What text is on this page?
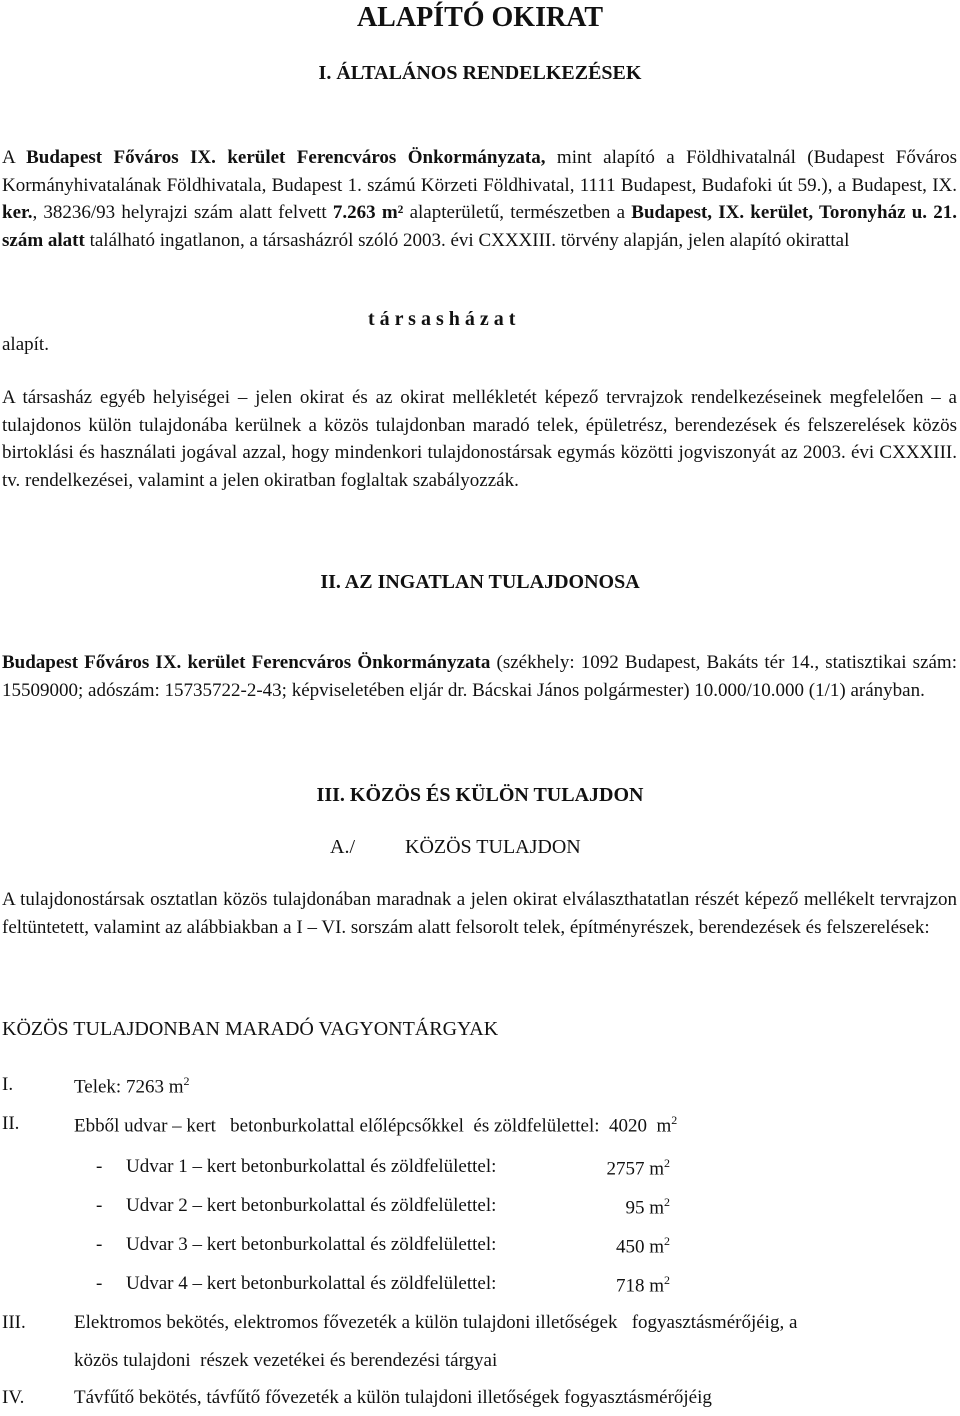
ALAPÍTÓ OKIRAT
I. ÁLTALÁNOS RENDELKEZÉSEK
A Budapest Főváros IX. kerület Ferencváros Önkormányzata, mint alapító a Földhivatalnál (Budapest Főváros Kormányhivatalának Földhivatala, Budapest 1. számú Körzeti Földhivatal, 1111 Budapest, Budafoki út 59.), a Budapest, IX. ker., 38236/93 helyrajzi szám alatt felvett 7.263 m² alapterületű, természetben a Budapest, IX. kerület, Toronyház u. 21. szám alatt található ingatlanon, a társasházról szóló 2003. évi CXXXIII. törvény alapján, jelen alapító okirattal
alapít.
t á r s a s h á z a t
A társasház egyéb helyiségei – jelen okirat és az okirat mellékletét képező tervrajzok rendelkezéseinek megfelelően – a tulajdonos külön tulajdonába kerülnek a közös tulajdonban maradó telek, épületrész, berendezések és felszerelések közös birtoklási és használati jogával azzal, hogy mindenkori tulajdonostársak egymás közötti jogviszonyát az 2003. évi CXXXIII. tv. rendelkezései, valamint a jelen okiratban foglaltak szabályozzák.
II. AZ INGATLAN TULAJDONOSA
Budapest Főváros IX. kerület Ferencváros Önkormányzata (székhely: 1092 Budapest, Bakáts tér 14., statisztikai szám: 15509000; adószám: 15735722-2-43; képviseletében eljár dr. Bácskai János polgármester) 10.000/10.000 (1/1) arányban.
III. KÖZÖS ÉS KÜLÖN TULAJDON
A./	KÖZÖS TULAJDON
A tulajdonostársak osztatlan közös tulajdonában maradnak a jelen okirat elválaszthatatlan részét képező mellékelt tervrajzon feltüntetett, valamint az alábbiakban a I – VI. sorszám alatt felsorolt telek, építményrészek, berendezések és felszerelések:
KÖZÖS TULAJDONBAN MARADÓ VAGYONTÁRGYAK
I.	Telek: 7263 $m^2$
II.	Ebből udvar – kert   betonburkolattal előlépcsőkkel  és zöldfelülettel:  4020  $m^2$
- Udvar 1 – kert betonburkolattal és zöldfelülettel:	2757 $m^2$
- Udvar 2 – kert betonburkolattal és zöldfelülettel:	95 $m^2$
- Udvar 3 – kert betonburkolattal és zöldfelülettel:	450 $m^2$
- Udvar 4 – kert betonburkolattal és zöldfelülettel:	718 $m^2$
III.	Elektromos bekötés, elektromos fővezeték a külön tulajdoni illetőségek   fogyasztásmérőjéig, a
közös tulajdoni  részek vezetékei és berendezési tárgyai
IV.	Távfűtő bekötés, távfűtő fővezeték a külön tulajdoni illetőségek fogyasztásmérőjéig
